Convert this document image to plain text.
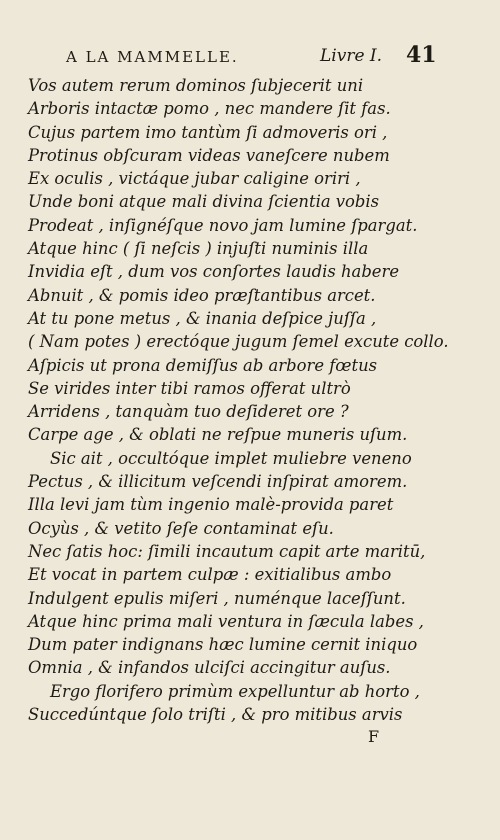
A LA MAMMELLE.	Livre I. 41
Vos autem rerum dominos ſubjecerit uni
Arboris intactæ pomo , nec mandere ſit fas.
Cujus partem imo tantùm ſi admoveris ori ,
Protinus obſcuram videas vaneſcere nubem
Ex oculis , victáque jubar caligine oriri ,
Unde boni atque mali divina ſcientia vobis
Prodeat , inſignéſque novo jam lumine ſpargat.
Atque hinc ( ſi neſcis ) injuſti numinis illa
Invidia eſt , dum vos conſortes laudis habere
Abnuit , & pomis ideo præſtantibus arcet.
At tu pone metus , & inania deſpice juſſa ,
( Nam potes ) erectóque jugum ſemel excute collo.
Aſpicis ut prona demiſſus ab arbore fœtus
Se virides inter tibi ramos offerat ultrò
Arridens , tanquàm tuo deſideret ore ?
Carpe age , & oblati ne reſpue muneris uſum.
Sic ait , occultóque implet muliebre veneno
Pectus , & illicitum veſcendi inſpirat amorem.
Illa levi jam tùm ingenio malè-provida paret
Ocyùs , & vetito ſeſe contaminat eſu.
Nec ſatis hoc: ſimili incautum capit arte maritū,
Et vocat in partem culpæ : exitialibus ambo
Indulgent epulis miſeri , numénque laceſſunt.
Atque hinc prima mali ventura in ſæcula labes ,
Dum pater indignans hæc lumine cernit iniquo
Omnia , & infandos ulciſci accingitur auſus.
Ergo florifero primùm expelluntur ab horto ,
Succedúntque ſolo triſti , & pro mitibus arvis
F
